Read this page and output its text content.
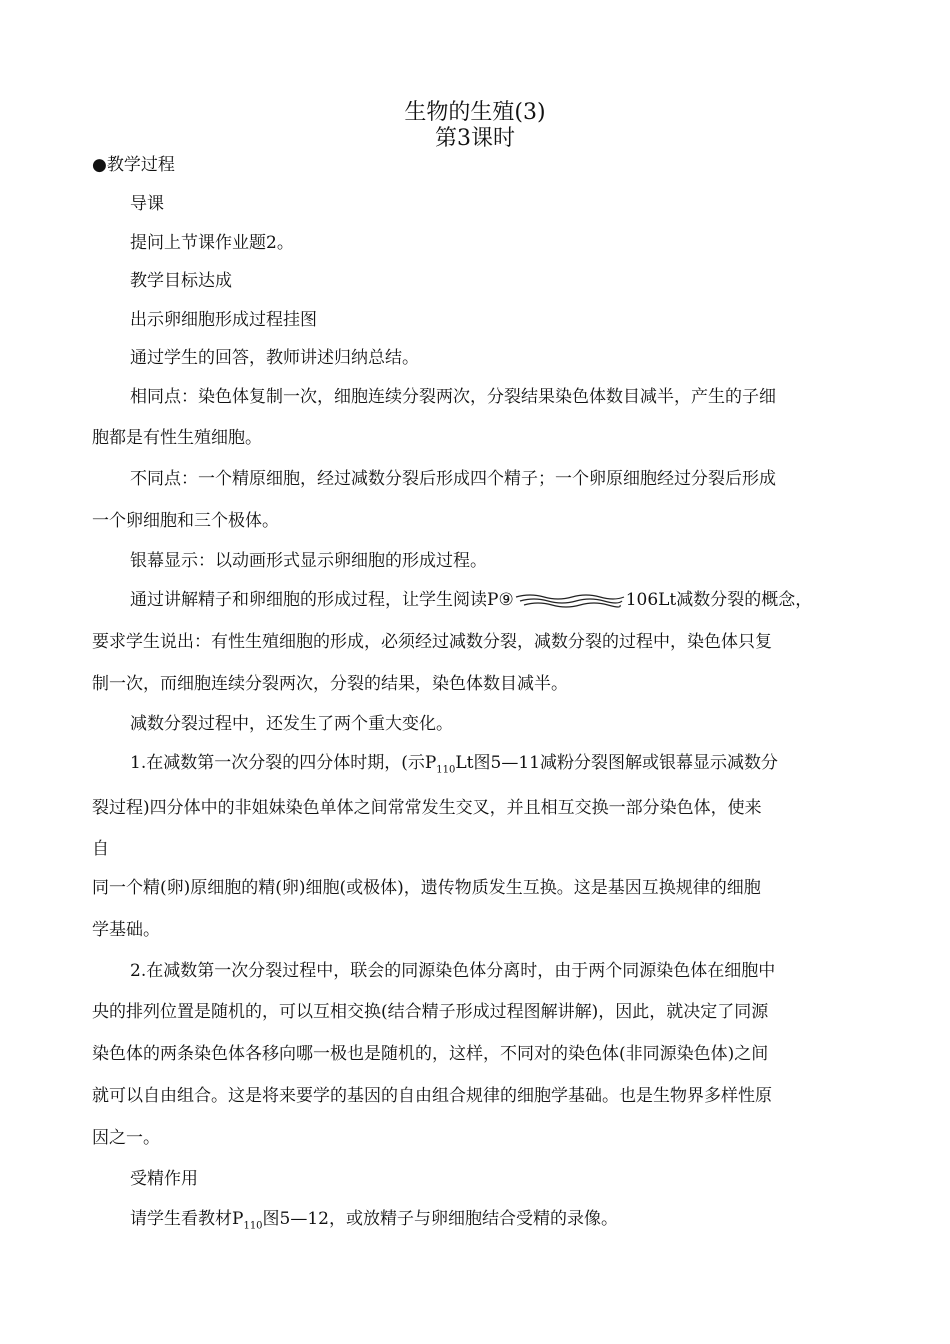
生物的生殖(3)
第3课时
●教学过程
导课
提问上节课作业题2。
教学目标达成
出示卵细胞形成过程挂图
通过学生的回答，教师讲述归纳总结。
相同点：染色体复制一次，细胞连续分裂两次，分裂结果染色体数目减半，产生的子细
胞都是有性生殖细胞。
不同点：一个精原细胞，经过减数分裂后形成四个精子；一个卵原细胞经过分裂后形成
一个卵细胞和三个极体。
银幕显示：以动画形式显示卵细胞的形成过程。
通过讲解精子和卵细胞的形成过程，让学生阅读P⑨	106Lt减数分裂的概念，
要求学生说出：有性生殖细胞的形成，必须经过减数分裂，减数分裂的过程中，染色体只复
制一次，而细胞连续分裂两次，分裂的结果，染色体数目减半。
减数分裂过程中，还发生了两个重大变化。
1.在减数第一次分裂的四分体时期，(示$P_{110}Lt$图5—11减粉分裂图解或银幕显示减数分
裂过程)四分体中的非姐妹染色单体之间常常发生交叉，并且相互交换一部分染色体，使来
自
同一个精(卵)原细胞的精(卵)细胞(或极体)，遗传物质发生互换。这是基因互换规律的细胞
学基础。
2.在减数第一次分裂过程中，联会的同源染色体分离时，由于两个同源染色体在细胞中
央的排列位置是随机的，可以互相交换(结合精子形成过程图解讲解)，因此，就决定了同源
染色体的两条染色体各移向哪一极也是随机的，这样，不同对的染色体(非同源染色体)之间
就可以自由组合。这是将来要学的基因的自由组合规律的细胞学基础。也是生物界多样性原
因之一。
受精作用
请学生看教材$P_{110}$图5—12，或放精子与卵细胞结合受精的录像。
